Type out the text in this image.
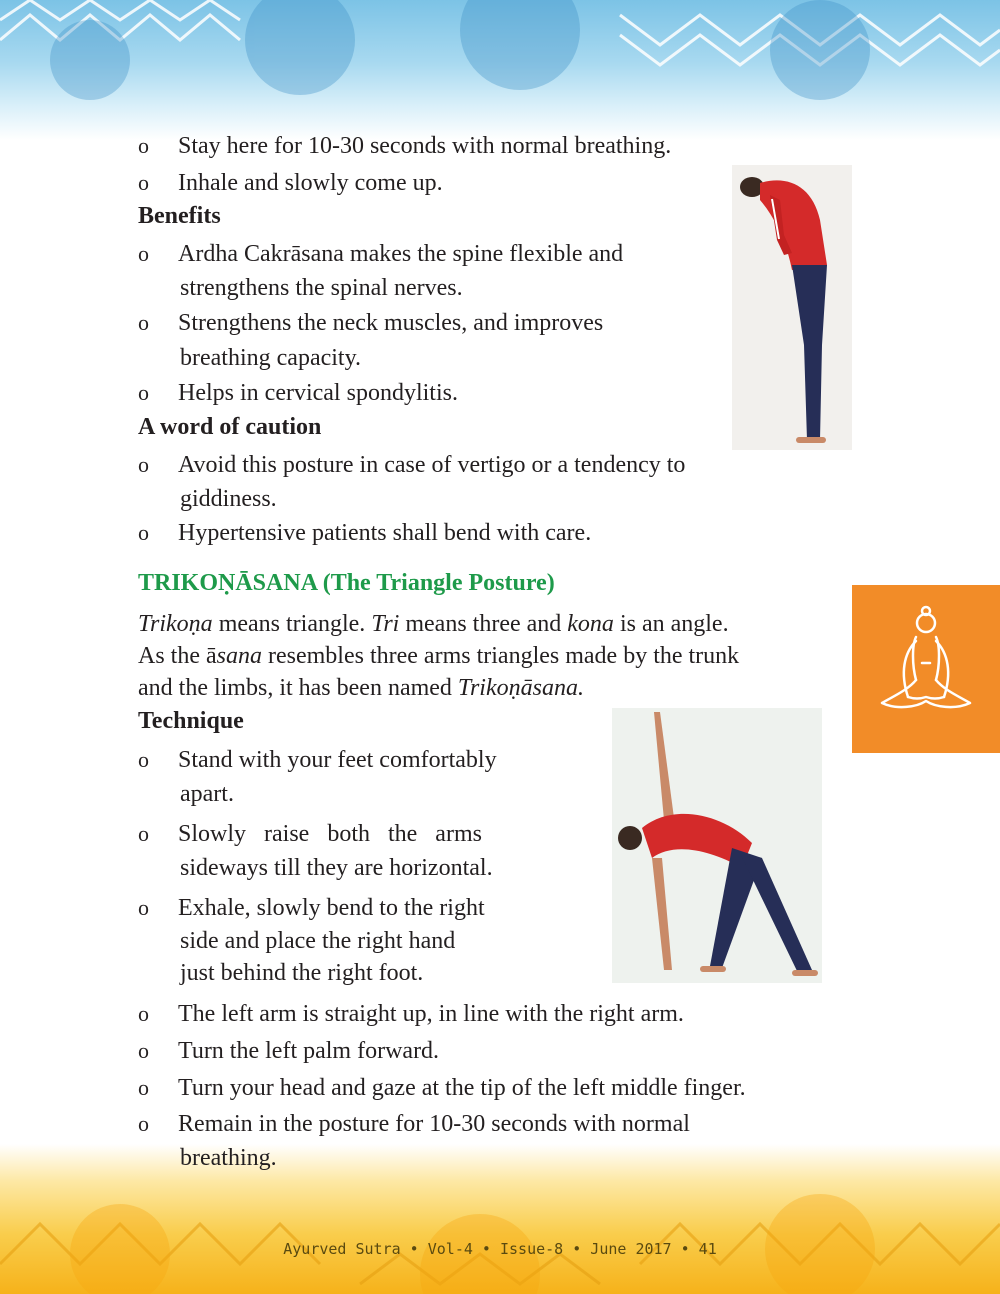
o Stay here for 10-30 seconds with normal breathing.
o Inhale and slowly come up.
Benefits
o Ardha Cakrāsana makes the spine flexible and
strengthens the spinal nerves.
o Strengthens the neck muscles, and improves
breathing capacity.
o Helps in cervical spondylitis.
A word of caution
o Avoid this posture in case of vertigo or a tendency to
giddiness.
o Hypertensive patients shall bend with care.
TRIKOṆĀSANA (The Triangle Posture)
Trikoṇa means triangle. Tri means three and kona is an angle.
As the āsana resembles three arms triangles made by the trunk
and the limbs, it has been named Trikoṇāsana.
Technique
o Stand with your feet comfortably
apart.
o Slowly   raise   both   the   arms
sideways till they are horizontal.
o Exhale, slowly bend to the right
side and place the right hand
just behind the right foot.
o The left arm is straight up, in line with the right arm.
o Turn the left palm forward.
o Turn your head and gaze at the tip of the left middle finger.
o Remain in the posture for 10-30 seconds with normal
breathing.
Ayurved Sutra • Vol-4 • Issue-8 • June 2017 • 41
